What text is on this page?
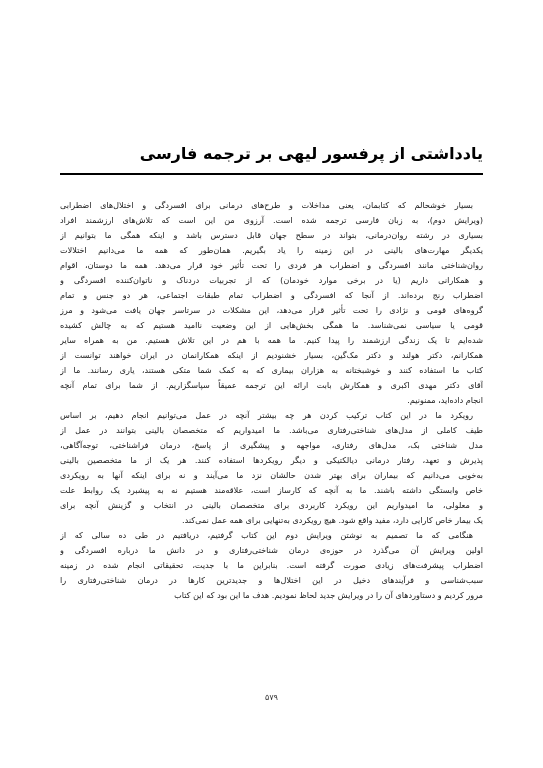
یادداشتی از پرفسور لیهی بر ترجمه فارسی
بسیار خوشحالم که کتابمان، یعنی مداخلات و طرح‌های درمانی برای افسردگی و اختلال‌های اضطرابی
(ویرایش دوم)، به زبان فارسی ترجمه شده است. آرزوی من این است که تلاش‌های ارزشمند افراد
بسیاری در رشته روان‌درمانی، بتواند در سطح جهان قابل دسترس باشد و اینکه همگی ما بتوانیم از
یکدیگر مهارت‌های بالینی در این زمینه را یاد بگیریم. همان‌طور که همه ما می‌دانیم اختلالات
روان‌شناختی مانند افسردگی و اضطراب هر فردی را تحت تأثیر خود قرار می‌دهد. همه ما دوستان، اقوام
و همکارانی داریم (یا در برخی موارد خودمان) که از تجربیات دردناک و ناتوان‌کننده افسردگی و
اضطراب رنج برده‌اند. از آنجا که افسردگی و اضطراب تمام طبقات اجتماعی، هر دو جنس و تمام
گروه‌های قومی و نژادی را تحت تأثیر قرار می‌دهد، این مشکلات در سرتاسر جهان یافت می‌شود و مرز
قومی یا سیاسی نمی‌شناسد. ما همگی بخش‌هایی از این وضعیت ناامید هستیم که به چالش کشیده
شده‌ایم تا یک زندگی ارزشمند را پیدا کنیم. ما همه با هم در این تلاش هستیم. من به همراه سایر
همکارانم، دکتر هولند و دکتر مک‌گین، بسیار خشنودیم از اینکه همکارانمان در ایران خواهند توانست از
کتاب ما استفاده کنند و خوشبختانه به هزاران بیماری که به کمک شما متکی هستند، یاری رسانند. ما از
آقای دکتر مهدی اکبری و همکارش بابت ارائه این ترجمه عمیقاً سپاسگزاریم. از شما برای تمام آنچه
انجام داده‌اید، ممنونیم.
رویکرد ما در این کتاب ترکیب کردن هر چه بیشتر آنچه در عمل می‌توانیم انجام دهیم، بر اساس
طیف کاملی از مدل‌های شناختی‌رفتاری می‌باشد. ما امیدواریم که متخصصان بالینی بتوانند در عمل از
مدل شناختی بک، مدل‌های رفتاری، مواجهه و پیشگیری از پاسخ، درمان فراشناختی، توجه‌آگاهی،
پذیرش و تعهد، رفتار درمانی دیالکتیکی و دیگر رویکردها استفاده کنند. هر یک از ما متخصصین بالینی
به‌خوبی می‌دانیم که بیماران برای بهتر شدن حالشان نزد ما می‌آیند و نه برای اینکه آنها به رویکردی
خاص وابستگی داشته باشند. ما به آنچه که کارساز است، علاقه‌مند هستیم نه به پیشبرد یک روابط علت
و معلولی، ما امیدواریم این رویکرد کاربردی برای متخصصان بالینی در انتخاب و گزینش آنچه برای
یک بیمار خاص کارایی دارد، مفید واقع شود. هیچ رویکردی به‌تنهایی برای همه عمل نمی‌کند.
هنگامی که ما تصمیم به نوشتن ویرایش دوم این کتاب گرفتیم، دریافتیم در طی ده سالی که از
اولین ویرایش آن می‌گذرد در حوزه‌ی درمان شناختی‌رفتاری و در دانش ما درباره افسردگی و
اضطراب پیشرفت‌های زیادی صورت گرفته است. بنابراین ما با جدیت، تحقیقاتی انجام شده در زمینه
سبب‌شناسی و فرآیندهای دخیل در این اختلال‌ها و جدیدترین کارها در درمان شناختی‌رفتاری را
مرور کردیم و دستاوردهای آن را در ویرایش جدید لحاظ نمودیم. هدف ما این بود که این کتاب
۵۷۹
